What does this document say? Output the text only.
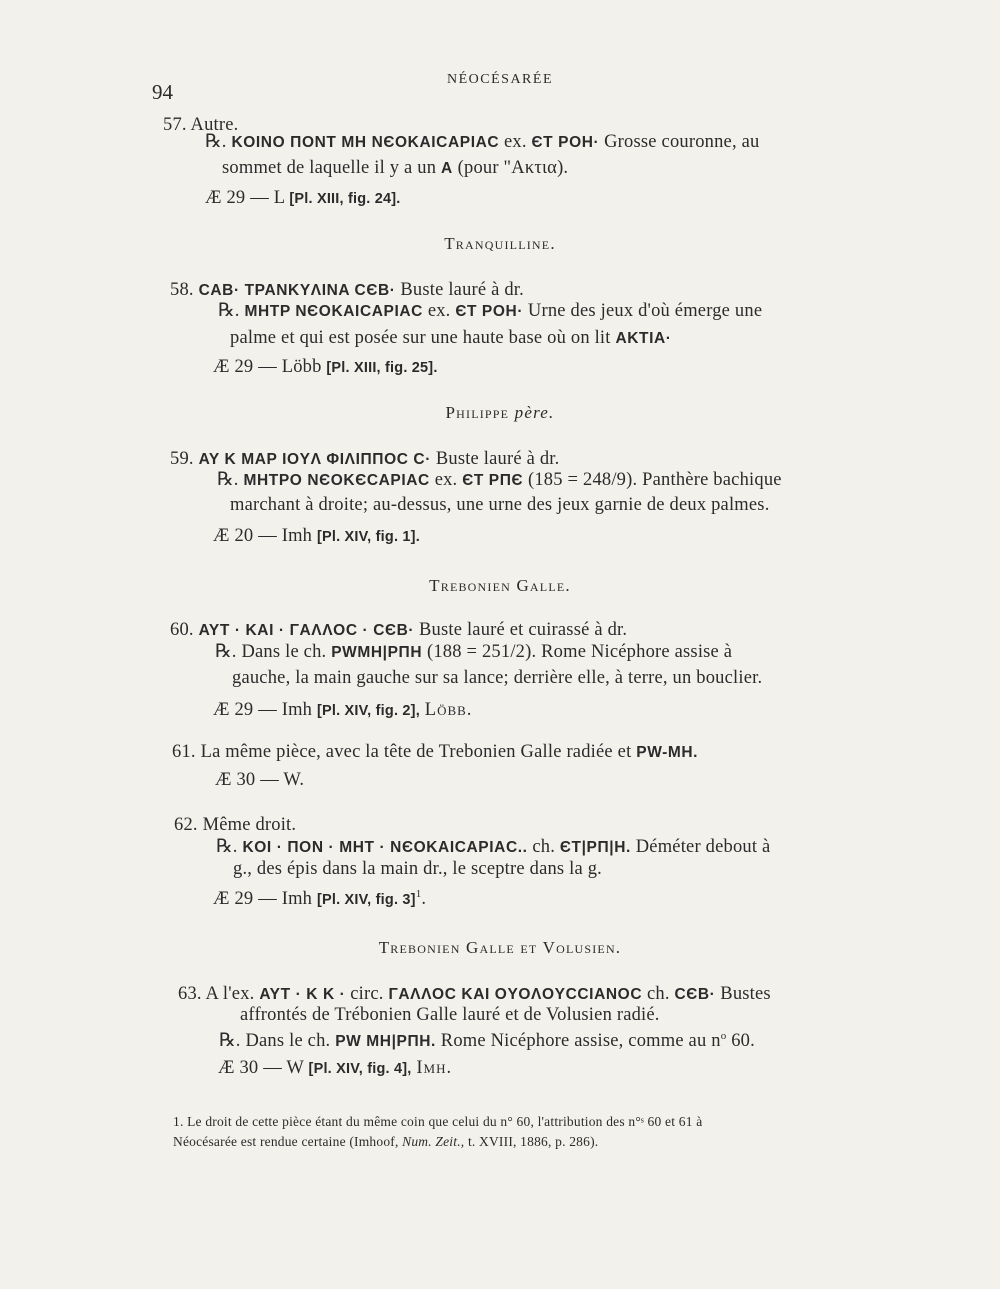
94
NÉOCÉSARÉE
57. Autre.
℞. KOINO ΠONT MH NЄOKAICAPIAC ex. ЄT POH· Grosse couronne, au
sommet de laquelle il y a un A (pour "Ακτια).
Æ 29 — L [Pl. XIII, fig. 24].
Tranquilline.
58. CAB· TPANKYΛINA CЄB· Buste lauré à dr.
℞. MHTP NЄOKAICAPIAC ex. ЄT POH· Urne des jeux d'où émerge une
palme et qui est posée sur une haute base où on lit AKTIA·
Æ 29 — Löbb [Pl. XIII, fig. 25].
Philippe père.
59. AY K MAP IOYΛ ΦIΛIΠΠOC C· Buste lauré à dr.
℞. MHTPO NЄOKЄCAPIAC ex. ЄT PΠЄ (185 = 248/9). Panthère bachique
marchant à droite; au-dessus, une urne des jeux garnie de deux palmes.
Æ 20 — Imh [Pl. XIV, fig. 1].
Trebonien Galle.
60. AYT · KAI · ΓAΛΛOC · CЄB· Buste lauré et cuirassé à dr.
℞. Dans le ch. PWMH|PΠH (188 = 251/2). Rome Nicéphore assise à
gauche, la main gauche sur sa lance; derrière elle, à terre, un bouclier.
Æ 29 — Imh [Pl. XIV, fig. 2], Löbb.
61. La même pièce, avec la tête de Trebonien Galle radiée et PW-MH.
Æ 30 — W.
62. Même droit.
℞. KOI · ΠON · MHT · NЄOKAICAPIAC.. ch. ЄT|PΠ|H. Déméter debout à
g., des épis dans la main dr., le sceptre dans la g.
Æ 29 — Imh [Pl. XIV, fig. 3]$^1$.
Trebonien Galle et Volusien.
63. A l'ex. AYT · K K · circ. ΓAΛΛOC KAI OYOΛOYCCIANOC ch. CЄB· Bustes
affrontés de Trébonien Galle lauré et de Volusien radié.
℞. Dans le ch. PW MH|PΠH. Rome Nicéphore assise, comme au $n^o$ 60.
Æ 30 — W [Pl. XIV, fig. 4], Imh.
1. Le droit de cette pièce étant du même coin que celui du n° 60, l'attribution des n°ˢ 60 et 61 à
Néocésarée est rendue certaine (Imhoof, Num. Zeit., t. XVIII, 1886, p. 286).
